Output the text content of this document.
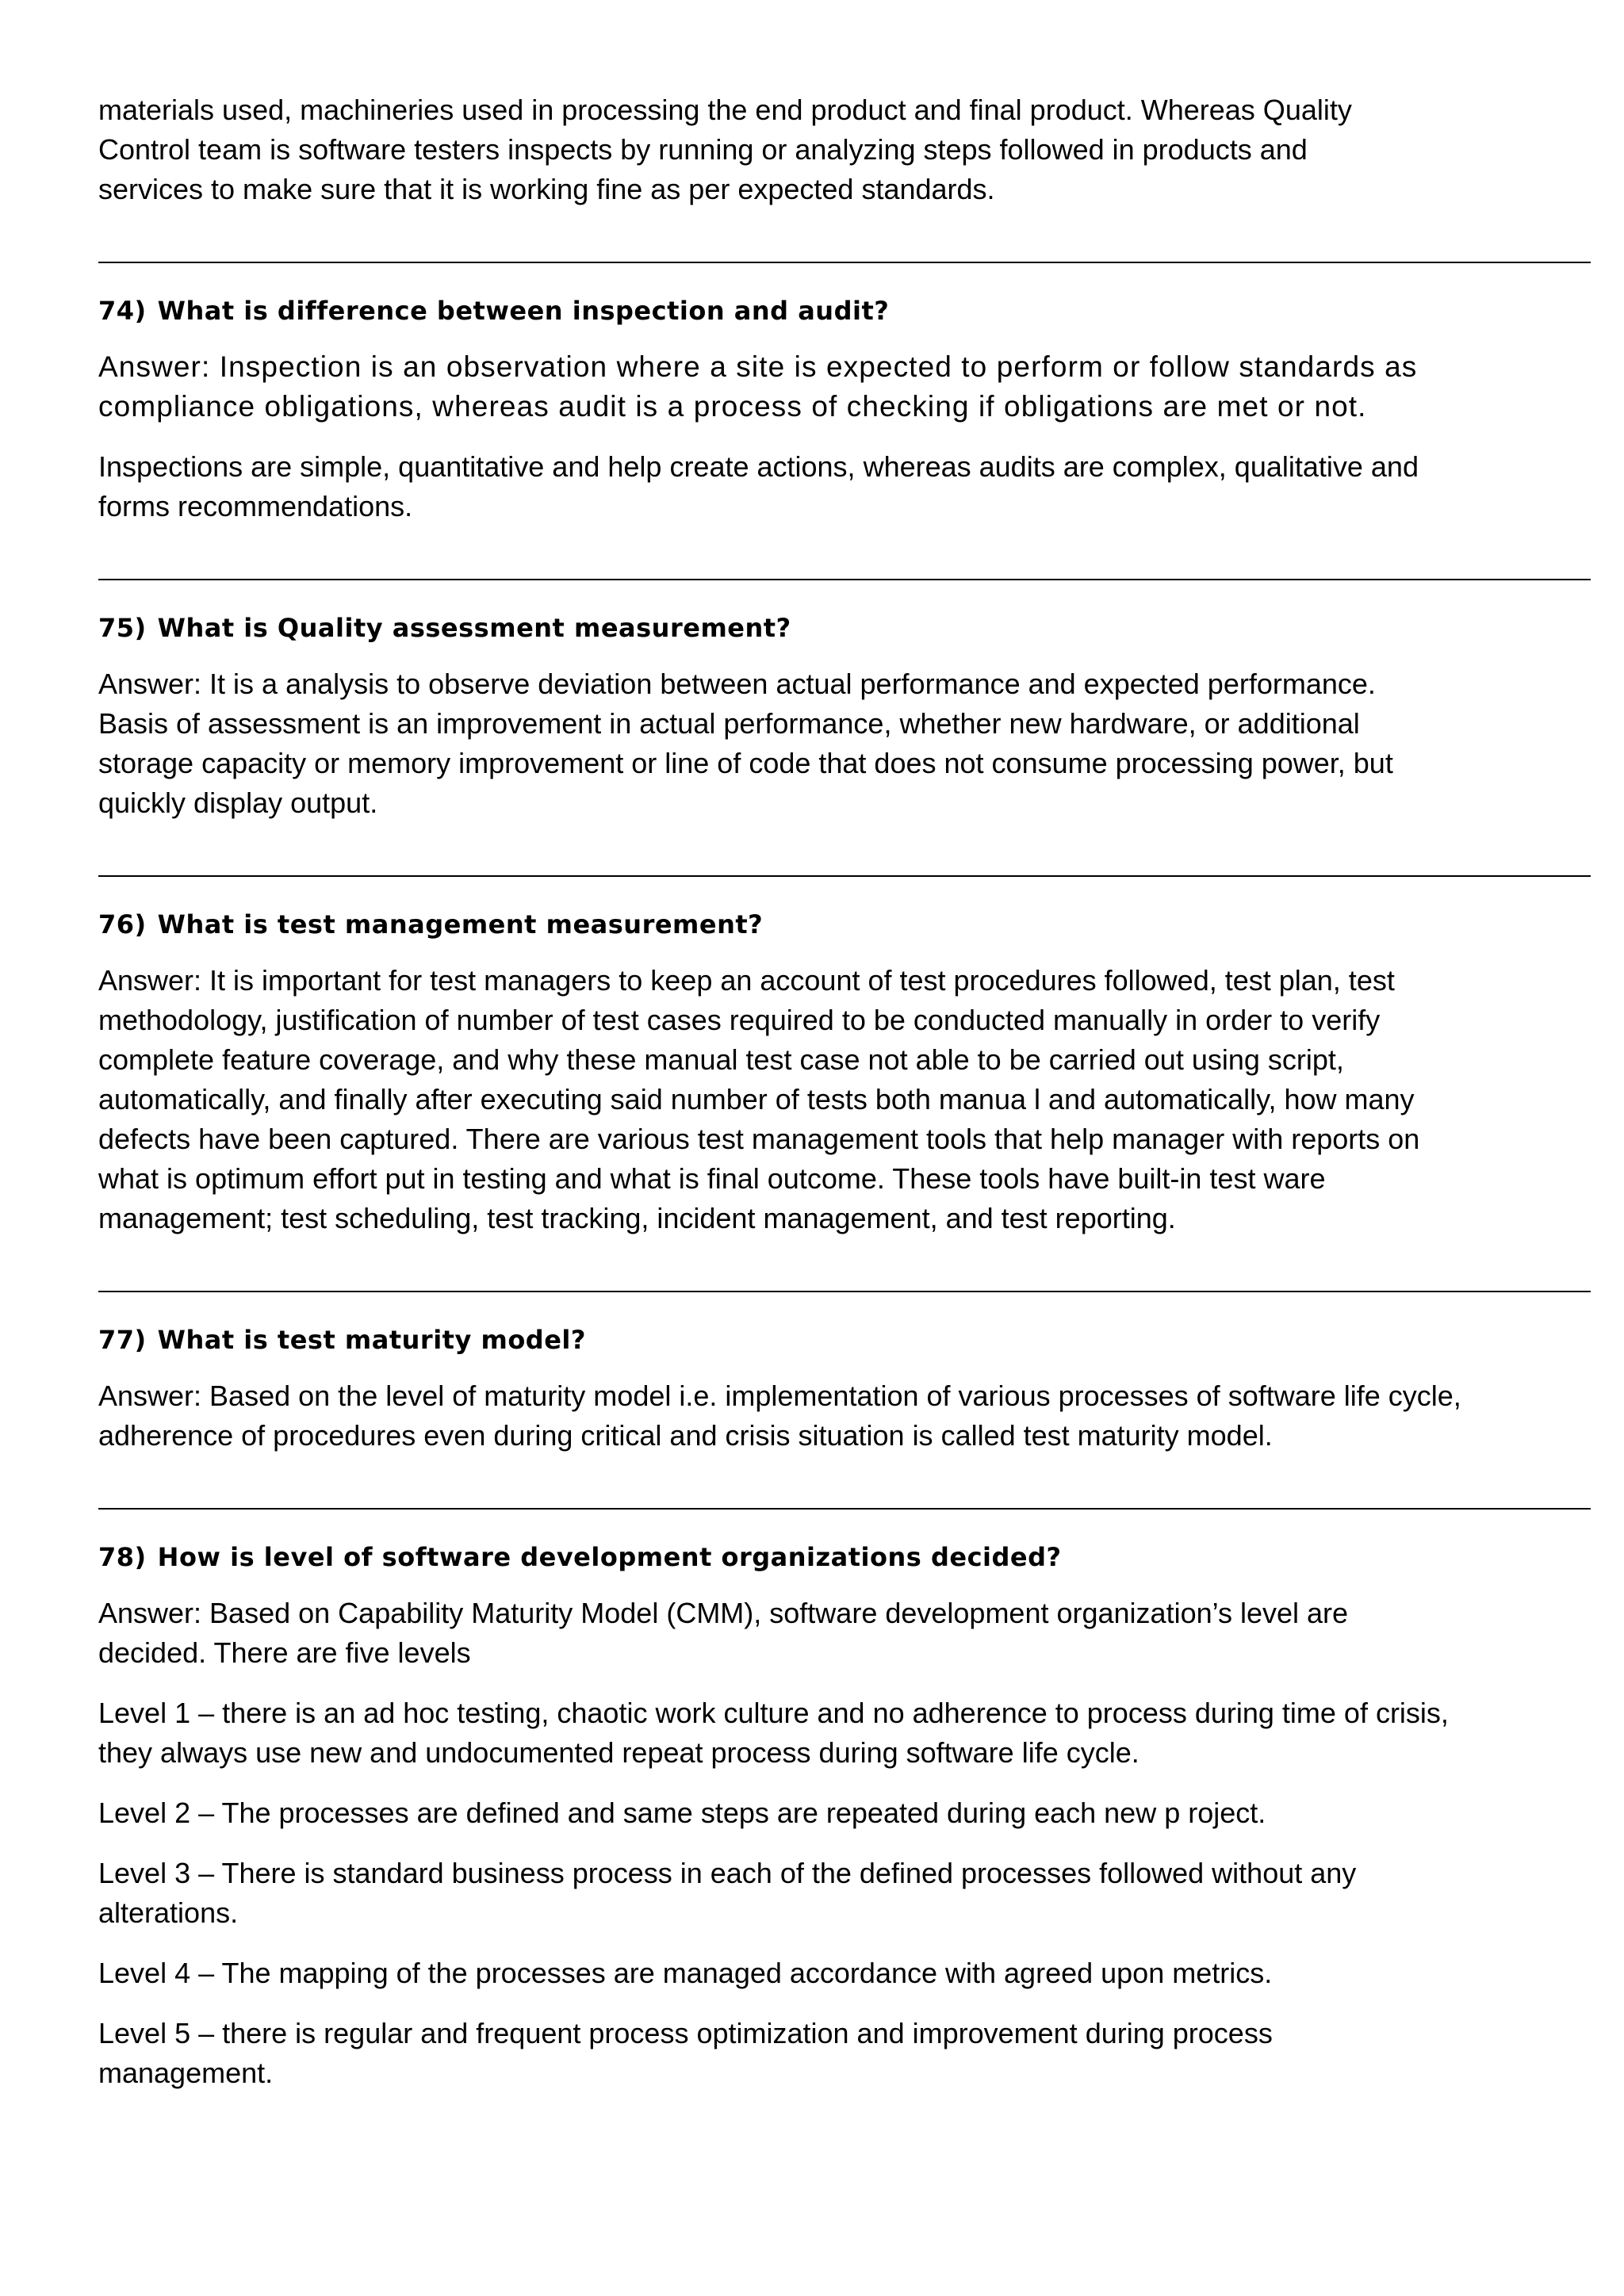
materials used, machineries used in processing the end product and final product. Whereas Quality
Control team is software testers inspects by running or analyzing steps followed in products and
services to make sure that it is working fine as per expected standards.

74) What is difference between inspection and audit?

Answer: Inspection is an observation where a site is expected to perform or follow standards as
compliance obligations, whereas audit is a process of checking if obligations are met or not.

Inspections are simple, quantitative and help create actions, whereas audits are complex, qualitative and
forms recommendations.

75) What is Quality assessment measurement?

Answer: It is a analysis to observe deviation between actual performance and expected performance.
Basis of assessment is an improvement in actual performance, whether new hardware, or additional
storage capacity or memory improvement or line of code that does not consume processing power, but
quickly display output.

76) What is test management measurement?

Answer: It is important for test managers to keep an account of test procedures followed, test plan, test
methodology, justification of number of test cases required to be conducted manually in order to verify
complete feature coverage, and why these manual test case not able to be carried out using script,
automatically, and finally after executing said number of tests both manua l and automatically, how many
defects have been captured. There are various test management tools that help manager with reports on
what is optimum effort put in testing and what is final outcome. These tools have built-in test ware
management; test scheduling, test tracking, incident management, and test reporting.

77) What is test maturity model?

Answer: Based on the level of maturity model i.e. implementation of various processes of software life cycle,
adherence of procedures even during critical and crisis situation is called test maturity model.

78) How is level of software development organizations decided?

Answer: Based on Capability Maturity Model (CMM), software development organization’s level are
decided. There are five levels

Level 1 – there is an ad hoc testing, chaotic work culture and no adherence to process during time of crisis,
they always use new and undocumented repeat process during software life cycle.

Level 2 – The processes are defined and same steps are repeated during each new p roject.

Level 3 – There is standard business process in each of the defined processes followed without any
alterations.

Level 4 – The mapping of the processes are managed accordance with agreed upon metrics.

Level 5 – there is regular and frequent process optimization and improvement during process
management.
